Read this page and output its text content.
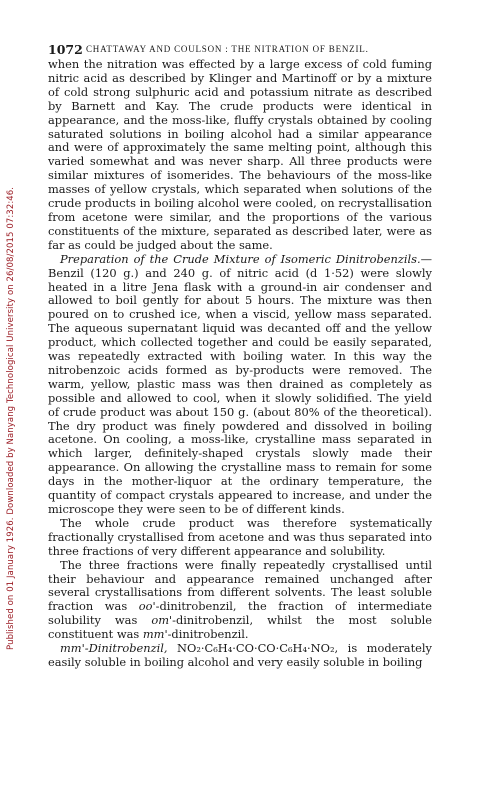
Published on 01 January 1926. Downloaded by Nanyang Technological University on 26/08/2015 07:32:46.
1072 CHATTAWAY AND COULSON : THE NITRATION OF BENZIL.

when the nitration was effected by a large excess of cold fuming nitric acid as described by Klinger and Martinoff or by a mixture of cold strong sulphuric acid and potassium nitrate as described by Barnett and Kay. The crude products were identical in appearance, and the moss-like, fluffy crystals obtained by cooling saturated solutions in boiling alcohol had a similar appearance and were of approximately the same melting point, although this varied somewhat and was never sharp. All three products were similar mixtures of isomerides. The behaviours of the moss-like masses of yellow crystals, which separated when solutions of the crude products in boiling alcohol were cooled, on recrystallisation from acetone were similar, and the proportions of the various constituents of the mixture, separated as described later, were as far as could be judged about the same.

Preparation of the Crude Mixture of Isomeric Dinitrobenzils.—Benzil (120 g.) and 240 g. of nitric acid (d 1·52) were slowly heated in a litre Jena flask with a ground-in air condenser and allowed to boil gently for about 5 hours. The mixture was then poured on to crushed ice, when a viscid, yellow mass separated. The aqueous supernatant liquid was decanted off and the yellow product, which collected together and could be easily separated, was repeatedly extracted with boiling water. In this way the nitrobenzoic acids formed as by-products were removed. The warm, yellow, plastic mass was then drained as completely as possible and allowed to cool, when it slowly solidified. The yield of crude product was about 150 g. (about 80% of the theoretical). The dry product was finely powdered and dissolved in boiling acetone. On cooling, a moss-like, crystalline mass separated in which larger, definitely-shaped crystals slowly made their appearance. On allowing the crystalline mass to remain for some days in the mother-liquor at the ordinary temperature, the quantity of compact crystals appeared to increase, and under the microscope they were seen to be of different kinds.

The whole crude product was therefore systematically fractionally crystallised from acetone and was thus separated into three fractions of very different appearance and solubility.

The three fractions were finally repeatedly crystallised until their behaviour and appearance remained unchanged after several crystallisations from different solvents. The least soluble fraction was oo'-dinitrobenzil, the fraction of intermediate solubility was om'-dinitrobenzil, whilst the most soluble constituent was mm'-dinitrobenzil.

mm'-Dinitrobenzil, NO₂·C₆H₄·CO·CO·C₆H₄·NO₂, is moderately easily soluble in boiling alcohol and very easily soluble in boiling
